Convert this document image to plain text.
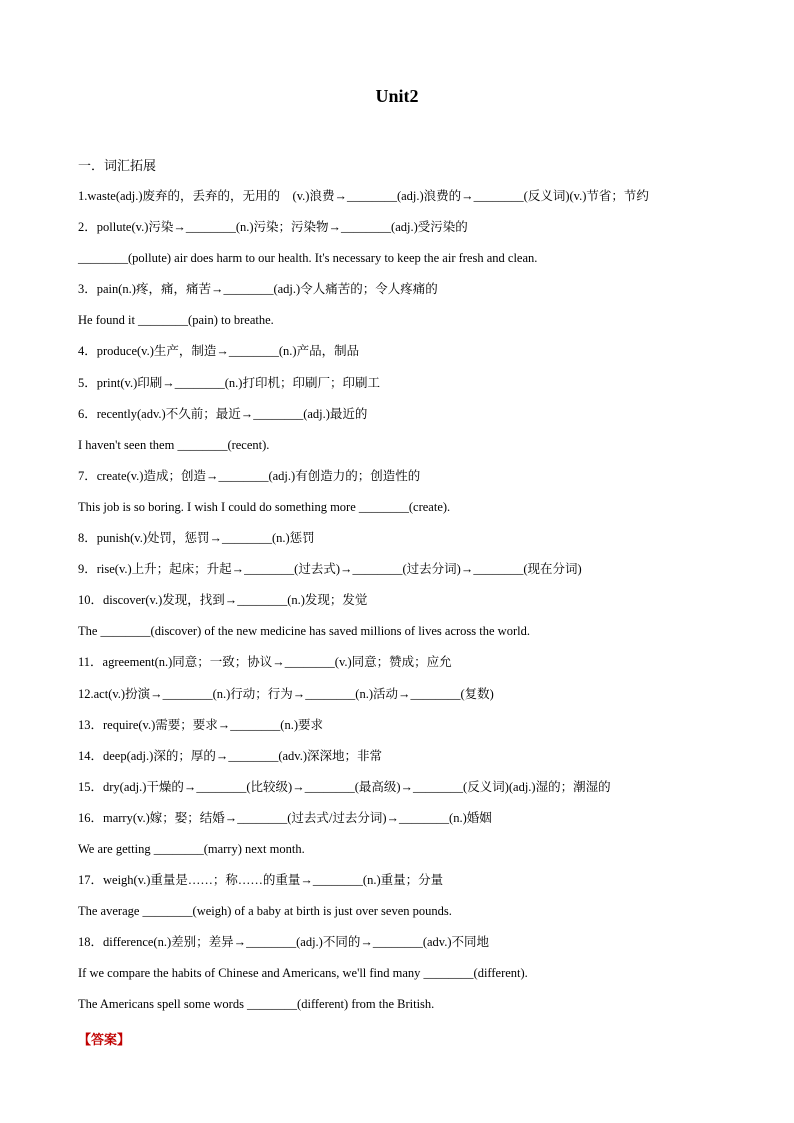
Unit2
一．词汇拓展
1.waste(adj.)废弃的，丢弃的，无用的　(v.)浪费→________(adj.)浪费的→________(反义词)(v.)节省；节约
2．pollute(v.)污染→________(n.)污染；污染物→________(adj.)受污染的
________(pollute) air does harm to our health. It's necessary to keep the air fresh and clean.
3．pain(n.)疼，痛，痛苦→________(adj.)令人痛苦的；令人疼痛的
He found it ________(pain) to breathe.
4．produce(v.)生产，制造→________(n.)产品，制品
5．print(v.)印刷→________(n.)打印机；印刷厂；印刷工
6．recently(adv.)不久前；最近→________(adj.)最近的
I haven't seen them ________(recent).
7．create(v.)造成；创造→________(adj.)有创造力的；创造性的
This job is so boring. I wish I could do something more ________(create).
8．punish(v.)处罚，惩罚→________(n.)惩罚
9．rise(v.)上升；起床；升起→________(过去式)→________(过去分词)→________(现在分词)
10．discover(v.)发现，找到→________(n.)发现；发觉
The ________(discover) of the new medicine has saved millions of lives across the world.
11．agreement(n.)同意；一致；协议→________(v.)同意；赞成；应允
12.act(v.)扮演→________(n.)行动；行为→________(n.)活动→________(复数)
13．require(v.)需要；要求→________(n.)要求
14．deep(adj.)深的；厚的→________(adv.)深深地；非常
15．dry(adj.)干燥的→________(比较级)→________(最高级)→________(反义词)(adj.)湿的；潮湿的
16．marry(v.)嫁；娶；结婚→________(过去式/过去分词)→________(n.)婚姻
We are getting ________(marry) next month.
17．weigh(v.)重量是……；称……的重量→________(n.)重量；分量
The average ________(weigh) of a baby at birth is just over seven pounds.
18．difference(n.)差别；差异→________(adj.)不同的→________(adv.)不同地
If we compare the habits of Chinese and Americans, we'll find many ________(different).
The Americans spell some words ________(different) from the British.
【答案】
